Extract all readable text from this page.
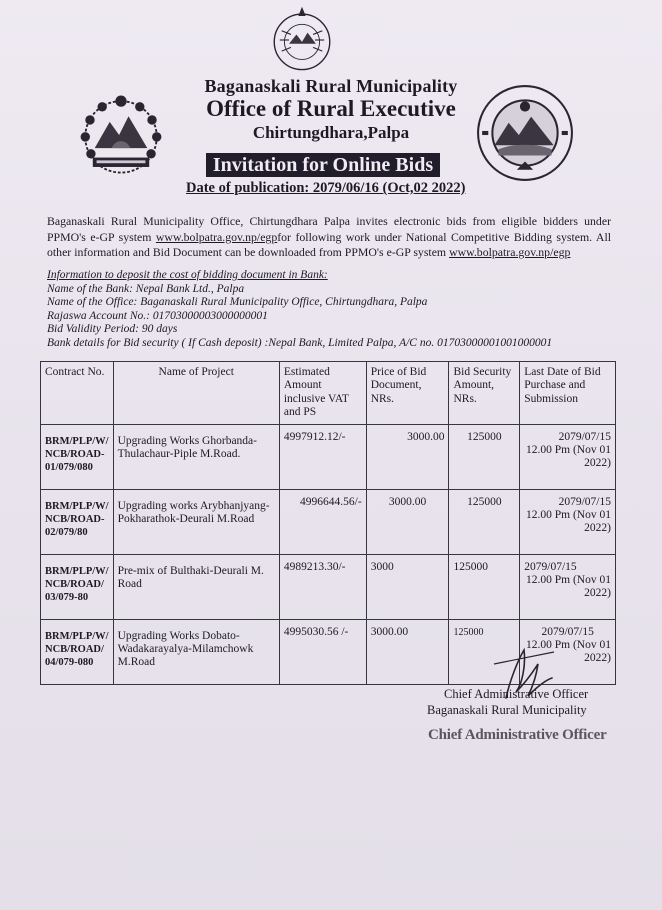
Baganaskali Rural Municipality
Office of Rural Executive
Chirtungdhara,Palpa
Invitation for Online Bids
Date of publication: 2079/06/16 (Oct,02 2022)

Baganaskali Rural Municipality Office, Chirtungdhara Palpa invites electronic bids from eligible bidders under PPMO's e-GP system www.bolpatra.gov.np/egpfor following work under National Competitive Bidding system. All other information and Bid Document can be downloaded from PPMO's e-GP system www.bolpatra.gov.np/egp

Information to deposit the cost of bidding document in Bank:
Name of the Bank: Nepal Bank Ltd., Palpa
Name of the Office: Baganaskali Rural Municipality Office, Chirtungdhara, Palpa
Rajaswa Account No.: 01703000003000000001
Bid Validity Period: 90 days
Bank details for Bid security ( If Cash deposit) :Nepal Bank, Limited Palpa, A/C no. 01703000001001000001
Contract No.	Name of Project	Estimated Amount inclusive VAT and PS	Price of Bid Document, NRs.	Bid Security Amount, NRs.	Last Date of Bid Purchase and Submission
BRM/PLP/W/ NCB/ROAD- 01/079/080	Upgrading Works Ghorbanda-Thulachaur-Piple M.Road.	4997912.12/-	3000.00	125000	2079/07/15
12.00 Pm (Nov 01 2022)

BRM/PLP/W/ NCB/ROAD- 02/079/80	Upgrading works Arybhanjyang-Pokharathok-Deurali M.Road	4996644.56/-	3000.00	125000	2079/07/15
12.00 Pm (Nov 01 2022)

BRM/PLP/W/ NCB/ROAD/ 03/079-80	Pre-mix of Bulthaki-Deurali M. Road	4989213.30/-	3000	125000	2079/07/15
12.00 Pm (Nov 01 2022)

BRM/PLP/W/ NCB/ROAD/ 04/079-080	Upgrading Works Dobato-Wadakarayalya-Milamchowk M.Road	4995030.56 /-	3000.00	125000	2079/07/15
12.00 Pm (Nov 01 2022)
Chief Administrative Officer
Baganaskali Rural Municipality
Chief Administrative Officer
